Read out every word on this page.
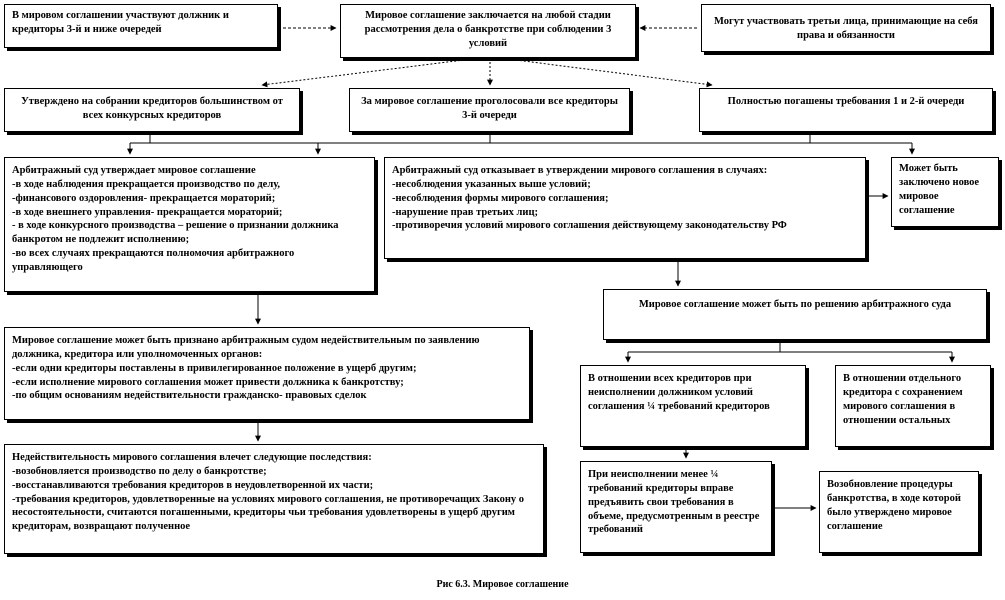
В мировом соглашении участвуют должник и кредиторы 3-й и ниже очередей
Мировое соглашение заключается на любой стадии рассмотрения дела о банкротстве при соблюдении 3 условий
Могут участвовать третьи лица, принимающие на себя права и обязанности
Утверждено на собрании кредиторов большинством от всех конкурсных кредиторов
За мировое соглашение проголосовали все кредиторы 3-й очереди
Полностью погашены требования 1 и 2-й очереди
Арбитражный суд утверждает мировое соглашение
-в ходе наблюдения прекращается производство по делу,
-финансового оздоровления- прекращается мораторий;
-в ходе внешнего управления- прекращается мораторий;
- в ходе конкурсного производства – решение о признании должника банкротом не подлежит исполнению;
-во всех случаях прекращаются полномочия арбитражного управляющего
Арбитражный суд отказывает в утверждении мирового соглашения в случаях:
-несоблюдения указанных выше условий;
-несоблюдения формы мирового соглашения;
-нарушение прав третьих лиц;
-противоречия условий мирового соглашения действующему законодательству РФ
Может быть заключено новое мировое соглашение
Мировое соглашение может быть признано арбитражным судом недействительным по заявлению должника, кредитора или уполномоченных органов:
-если одни кредиторы поставлены в привилегированное положение в ущерб другим;
-если исполнение мирового соглашения может привести должника к банкротству;
-по общим основаниям недействительности гражданско- правовых сделок
Недействительность мирового соглашения влечет следующие последствия:
-возобновляется производство по делу о банкротстве;
-восстанавливаются требования кредиторов в неудовлетворенной их части;
-требования кредиторов, удовлетворенные на условиях мирового соглашения, не противоречащих Закону о несостоятельности, считаются погашенными, кредиторы чьи требования удовлетворены в ущерб другим кредиторам, возвращают полученное
Мировое соглашение может быть по решению арбитражного суда
В отношении всех кредиторов при неисполнении должником условий соглашения ¼ требований кредиторов
В отношении отдельного кредитора с сохранением мирового соглашения в отношении остальных
При неисполнении менее ¼ требований кредиторы вправе предъявить свои требования в объеме, предусмотренным в реестре требований
Возобновление процедуры банкротства, в ходе которой было утверждено мировое соглашение
Рис 6.3. Мировое соглашение
